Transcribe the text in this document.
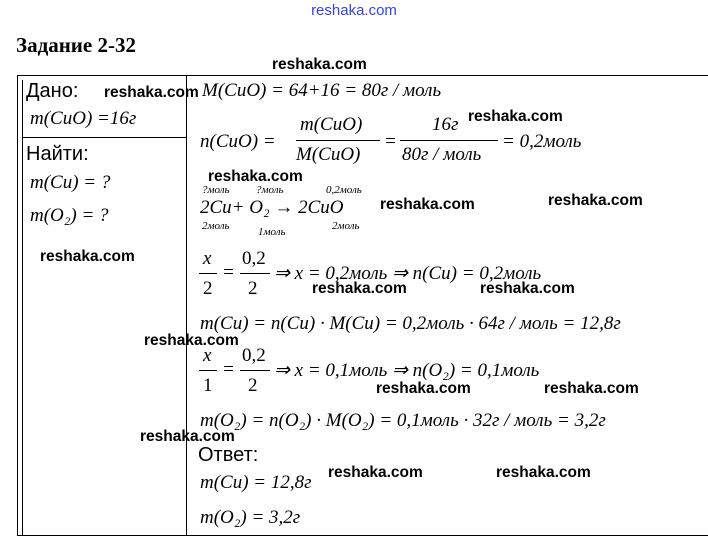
reshaka.com
Задание 2-32
Дано:
m(CuO) =16г
Найти:
m(Cu) = ?
m(O₂) = ?
M(CuO) = 64+16 = 80г / моль
n(CuO) =
m(CuO)
M(CuO)
=
16г
80г / моль
= 0,2моль
?моль ?моль	0,2моль
2Cu+ O₂ → 2CuO
2моль	1моль	2моль
x
2
=
0,2
2
⇒ x = 0,2моль ⇒ n(Cu) = 0,2моль
m(Cu) = n(Cu) · M(Cu) = 0,2моль · 64г / моль = 12,8г
x
1
=
0,2
2
⇒ x = 0,1моль ⇒ n(O₂) = 0,1моль
m(O₂) = n(O₂) · M(O₂) = 0,1моль · 32г / моль = 3,2г
Ответ:
m(Cu) = 12,8г
m(O₂) = 3,2г
reshaka.com
reshaka.com
reshaka.com
reshaka.com
reshaka.com	reshaka.com
reshaka.com
reshaka.com	reshaka.com
reshaka.com
reshaka.com	reshaka.com
reshaka.com
reshaka.com	reshaka.com
